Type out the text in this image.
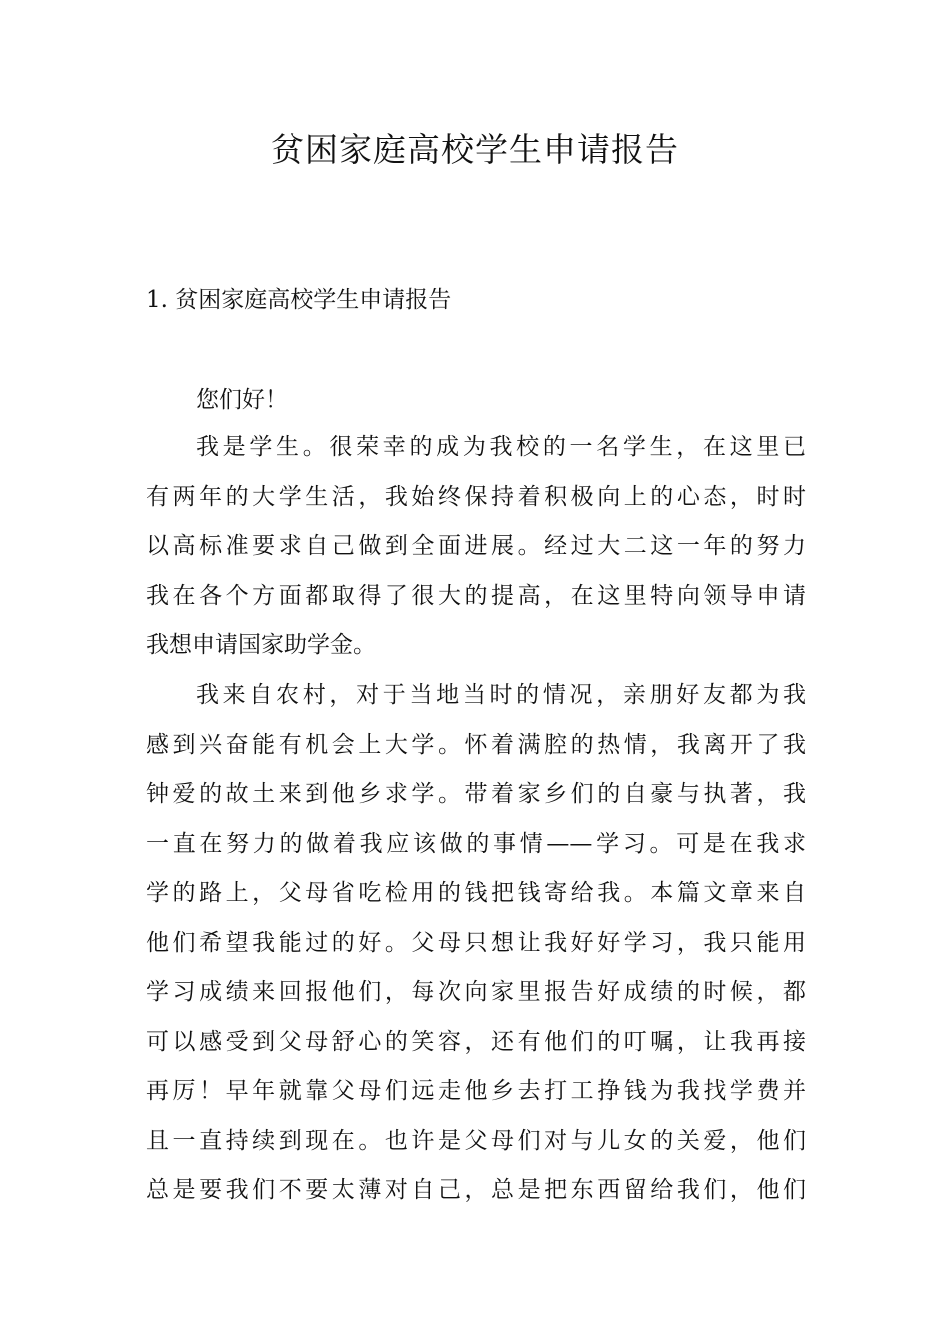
贫困家庭高校学生申请报告
1. 贫困家庭高校学生申请报告

您们好！

我是学生。很荣幸的成为我校的一名学生，在这里已
有两年的大学生活，我始终保持着积极向上的心态，时时
以高标准要求自己做到全面进展。经过大二这一年的努力
我在各个方面都取得了很大的提高，在这里特向领导申请
我想申请国家助学金。
我来自农村，对于当地当时的情况，亲朋好友都为我
感到兴奋能有机会上大学。怀着满腔的热情，我离开了我
钟爱的故土来到他乡求学。带着家乡们的自豪与执著，我
一直在努力的做着我应该做的事情——学习。可是在我求
学的路上，父母省吃检用的钱把钱寄给我。本篇文章来自
他们希望我能过的好。父母只想让我好好学习，我只能用
学习成绩来回报他们，每次向家里报告好成绩的时候，都
可以感受到父母舒心的笑容，还有他们的叮嘱，让我再接
再厉！早年就靠父母们远走他乡去打工挣钱为我找学费并
且一直持续到现在。也许是父母们对与儿女的关爱，他们
总是要我们不要太薄对自己，总是把东西留给我们，他们
